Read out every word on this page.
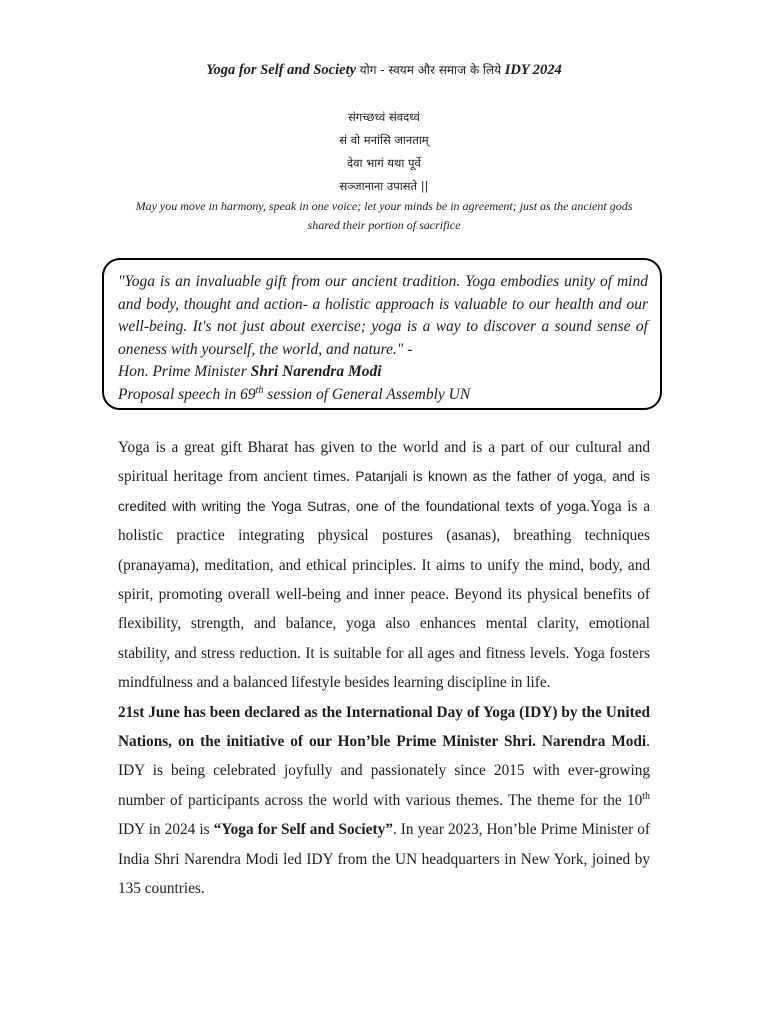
Yoga for Self and Society योग - स्वयम और समाज के लिये IDY 2024
संगच्छध्वं संवदध्वं
सं वो मनांसि जानताम्
देवा भागं यथा पूर्वे
सञ्जानाना उपासते ||
May you move in harmony, speak in one voice; let your minds be in agreement; just as the ancient gods shared their portion of sacrifice
"Yoga is an invaluable gift from our ancient tradition. Yoga embodies unity of mind and body, thought and action- a holistic approach is valuable to our health and our well-being. It's not just about exercise; yoga is a way to discover a sound sense of oneness with yourself, the world, and nature." -
Hon. Prime Minister Shri Narendra Modi
Proposal speech in 69th session of General Assembly UN

Yoga is a great gift Bharat has given to the world and is a part of our cultural and spiritual heritage from ancient times. Patanjali is known as the father of yoga, and is credited with writing the Yoga Sutras, one of the foundational texts of yoga.Yoga is a holistic practice integrating physical postures (asanas), breathing techniques (pranayama), meditation, and ethical principles. It aims to unify the mind, body, and spirit, promoting overall well-being and inner peace. Beyond its physical benefits of flexibility, strength, and balance, yoga also enhances mental clarity, emotional stability, and stress reduction. It is suitable for all ages and fitness levels. Yoga fosters mindfulness and a balanced lifestyle besides learning discipline in life.

21st June has been declared as the International Day of Yoga (IDY) by the United Nations, on the initiative of our Hon’ble Prime Minister Shri. Narendra Modi. IDY is being celebrated joyfully and passionately since 2015 with ever-growing number of participants across the world with various themes. The theme for the 10th IDY in 2024 is “Yoga for Self and Society”. In year 2023, Hon’ble Prime Minister of India Shri Narendra Modi led IDY from the UN headquarters in New York, joined by 135 countries.
